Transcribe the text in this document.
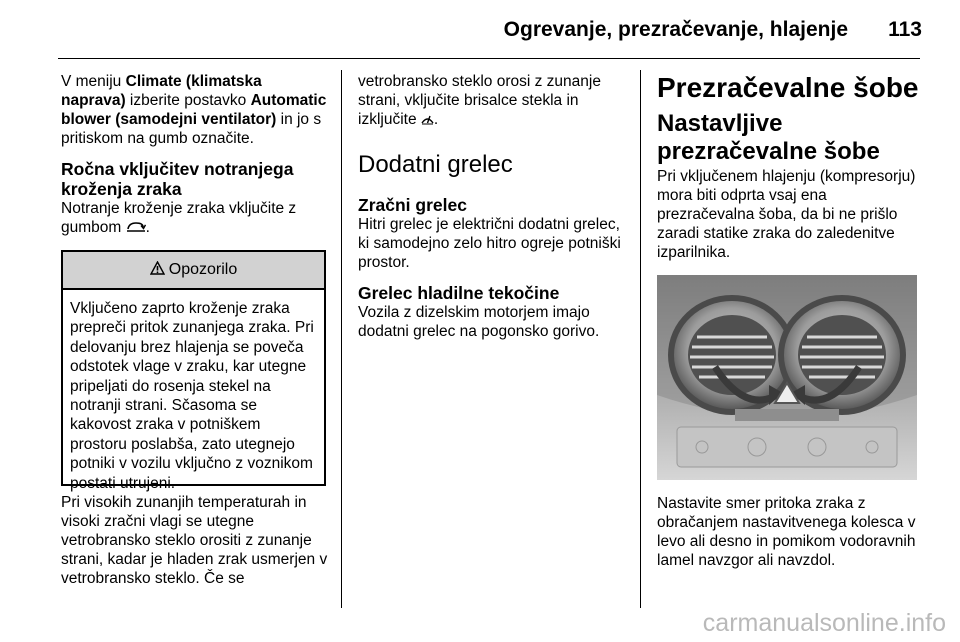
Ogrevanje, prezračevanje, hlajenje 113

V meniju Climate (klimatska naprava) izberite postavko Automatic blower (samodejni ventilator) in jo s pritiskom na gumb označite.

Ročna vključitev notranjega kroženja zraka

Notranje kroženje zraka vključite z gumbom .

Opozorilo
Vključeno zaprto kroženje zraka prepreči pritok zunanjega zraka. Pri delovanju brez hlajenja se poveča odstotek vlage v zraku, kar utegne pripeljati do rosenja stekel na notranji strani. Sčasoma se kakovost zraka v potniškem prostoru poslabša, zato utegnejo potniki v vozilu vključno z voznikom postati utrujeni.

Pri visokih zunanjih temperaturah in visoki zračni vlagi se utegne vetrobransko steklo orositi z zunanje strani, kadar je hladen zrak usmerjen v vetrobransko steklo. Če se

vetrobransko steklo orosi z zunanje strani, vključite brisalce stekla in izključite .

Dodatni grelec
Zračni grelec

Hitri grelec je električni dodatni grelec, ki samodejno zelo hitro ogreje potniški prostor.

Grelec hladilne tekočine

Vozila z dizelskim motorjem imajo dodatni grelec na pogonsko gorivo.

Prezračevalne šobe
Nastavljive prezračevalne šobe

Pri vključenem hlajenju (kompresorju) mora biti odprta vsaj ena prezračevalna šoba, da bi ne prišlo zaradi statike zraka do zaledenitve izparilnika.

Nastavite smer pritoka zraka z obračanjem nastavitvenega kolesca v levo ali desno in pomikom vodoravnih lamel navzgor ali navzdol.

carmanualsonline.info
